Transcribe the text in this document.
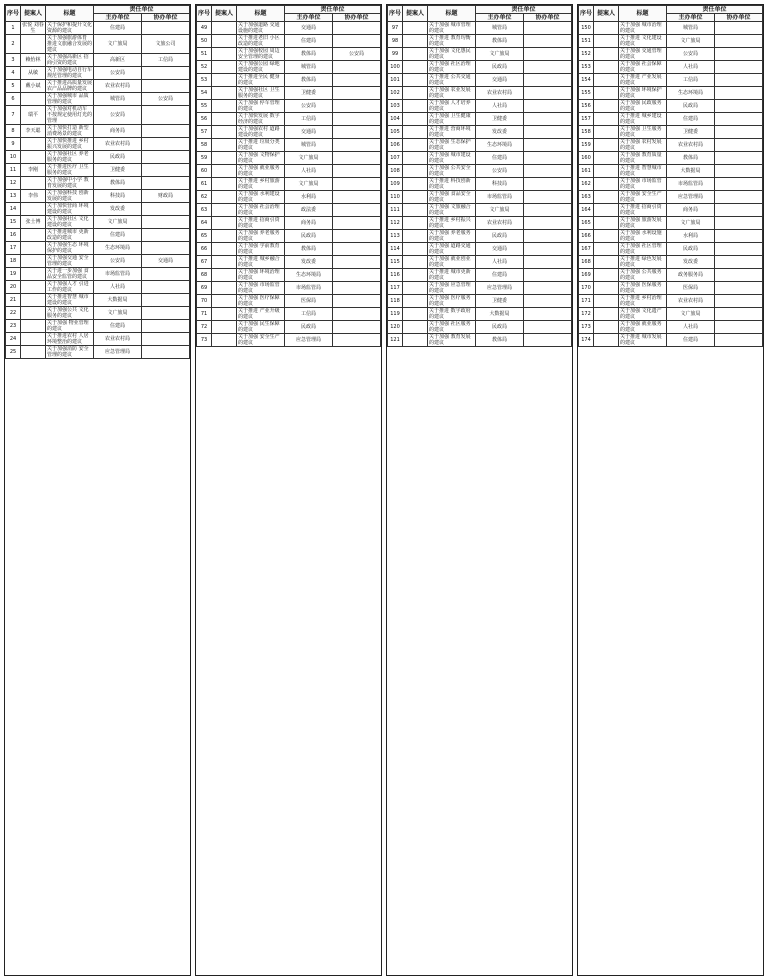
序号	提案人	标题	责任单位	
			主办单位	协办单位
1	张悦 刘春生	关于保护和提升文化 资源的建议	住建局	
2		关于加强旅游体育 推进文旅融合发展的建议	文广旅局	文旅公司
3	赖怡林	关于加强高新区 招商引资的建议	高新区	工信局
4	从敏	关于加强电动自行车 规范管理的建议	公安局	
5	戴小斌	关于推进高质量发展 农产品品牌的建议	农业农村局	
6		关于加强城市 品质管理的建议	城管局	公安局
7	瑞平	关于加强对机动车 不按规定使用灯光的管理	公安局	
8	李天聪	关于加快打造 新型消费场景的建议	商务局	
9		关于加快推进 乡村振兴发展的建议	农业农村局	
10		关于加强社区 养老服务的建议	民政局	
11	李刚	关于推进医疗 卫生服务的建议	卫健委	
12		关于加强中小学 教育发展的建议	教体局	
13	李伟	关于加强科技 创新发展的建议	科技局	财政局
14		关于加快营商 环境建设的建议	发改委	
15	张士博	关于加强社区 文化建设的建议	文广旅局	
16		关于推进城市 更新改造的建议	住建局	
17		关于加强生态 环境保护的建议	生态环境局	
18		关于加强交通 安全管理的建议	公安局	交通局
19		关于进一步加强 食品安全监管的建议	市场监管局	
20		关于加强人才 引进工作的建议	人社局	
21		关于推进智慧 城市建设的建议	大数据局	
22		关于加强公共 文化服务的建议	文广旅局	
23		关于加强 物业管理的建议	住建局	
24		关于推进农村 人居环境整治的建议	农业农村局	
25		关于加强消防 安全管理的建议	应急管理局	
序号	提案人	标题	责任单位	
			主办单位	协办单位
49		关于加强道路 交通设施的建议	交通局	
50		关于推进老旧 小区改造的建议	住建局	
51		关于加强校园 周边安全管理的建议	教体局	公安局
52		关于加强公园 绿地建设的建议	城管局	
53		关于推进全民 健身的建议	教体局	
54		关于加强社区 卫生服务的建议	卫健委	
55		关于加强 停车管理的建议	公安局	
56		关于加快发展 数字经济的建议	工信局	
57		关于加强农村 道路建设的建议	交通局	
58		关于推进 垃圾分类的建议	城管局	
59		关于加强 文物保护的建议	文广旅局	
60		关于加强 就业服务的建议	人社局	
61		关于推进 乡村旅游的建议	文广旅局	
62		关于加强 水利建设的建议	水利局	
63		关于加强 社会治理的建议	政法委	
64		关于推进 招商引资的建议	商务局	
65		关于加强 养老服务的建议	民政局	
66		关于加强 学前教育的建议	教体局	
67		关于推进 城乡融合的建议	发改委	
68		关于加强 环境治理的建议	生态环境局	
69		关于加强 市场监管的建议	市场监管局	
70		关于加强 医疗保障的建议	医保局	
71		关于推进 产业升级的建议	工信局	
72		关于加强 民生保障的建议	民政局	
73		关于加强 安全生产的建议	应急管理局	
序号	提案人	标题	责任单位	
			主办单位	协办单位
97		关于加强 城市管理的建议	城管局	
98		关于推进 教育均衡的建议	教体局	
99		关于加强 文化惠民的建议	文广旅局	
100		关于加强 社区治理的建议	民政局	
101		关于推进 公共交通的建议	交通局	
102		关于加强 农业发展的建议	农业农村局	
103		关于加强 人才培养的建议	人社局	
104		关于加强 卫生健康的建议	卫健委	
105		关于推进 营商环境的建议	发改委	
106		关于加强 生态保护的建议	生态环境局	
107		关于加强 城市建设的建议	住建局	
108		关于加强 公共安全的建议	公安局	
109		关于推进 科技创新的建议	科技局	
110		关于加强 食品安全的建议	市场监管局	
111		关于加强 文旅融合的建议	文广旅局	
112		关于推进 乡村振兴的建议	农业农村局	
113		关于加强 养老服务的建议	民政局	
114		关于加强 道路交通的建议	交通局	
115		关于加强 就业创业的建议	人社局	
116		关于推进 城市更新的建议	住建局	
117		关于加强 应急管理的建议	应急管理局	
118		关于加强 医疗服务的建议	卫健委	
119		关于推进 数字政府的建议	大数据局	
120		关于加强 社区服务的建议	民政局	
121		关于加强 教育发展的建议	教体局	
序号	提案人	标题	责任单位	
			主办单位	协办单位
150		关于加强 城市治理的建议	城管局	
151		关于推进 文化建设的建议	文广旅局	
152		关于加强 交通管理的建议	公安局	
153		关于加强 社会保障的建议	人社局	
154		关于推进 产业发展的建议	工信局	
155		关于加强 环境保护的建议	生态环境局	
156		关于加强 民政服务的建议	民政局	
157		关于推进 城乡建设的建议	住建局	
158		关于加强 卫生服务的建议	卫健委	
159		关于加强 农村发展的建议	农业农村局	
160		关于加强 教育质量的建议	教体局	
161		关于推进 智慧城市的建议	大数据局	
162		关于加强 市场监管的建议	市场监管局	
163		关于加强 安全生产的建议	应急管理局	
164		关于推进 招商引资的建议	商务局	
165		关于加强 旅游发展的建议	文广旅局	
166		关于加强 水利设施的建议	水利局	
167		关于加强 社区管理的建议	民政局	
168		关于推进 绿色发展的建议	发改委	
169		关于加强 公共服务的建议	政务服务局	
170		关于加强 医保服务的建议	医保局	
171		关于推进 乡村治理的建议	农业农村局	
172		关于加强 文化遗产的建议	文广旅局	
173		关于加强 就业服务的建议	人社局	
174		关于推进 城市发展的建议	住建局	
